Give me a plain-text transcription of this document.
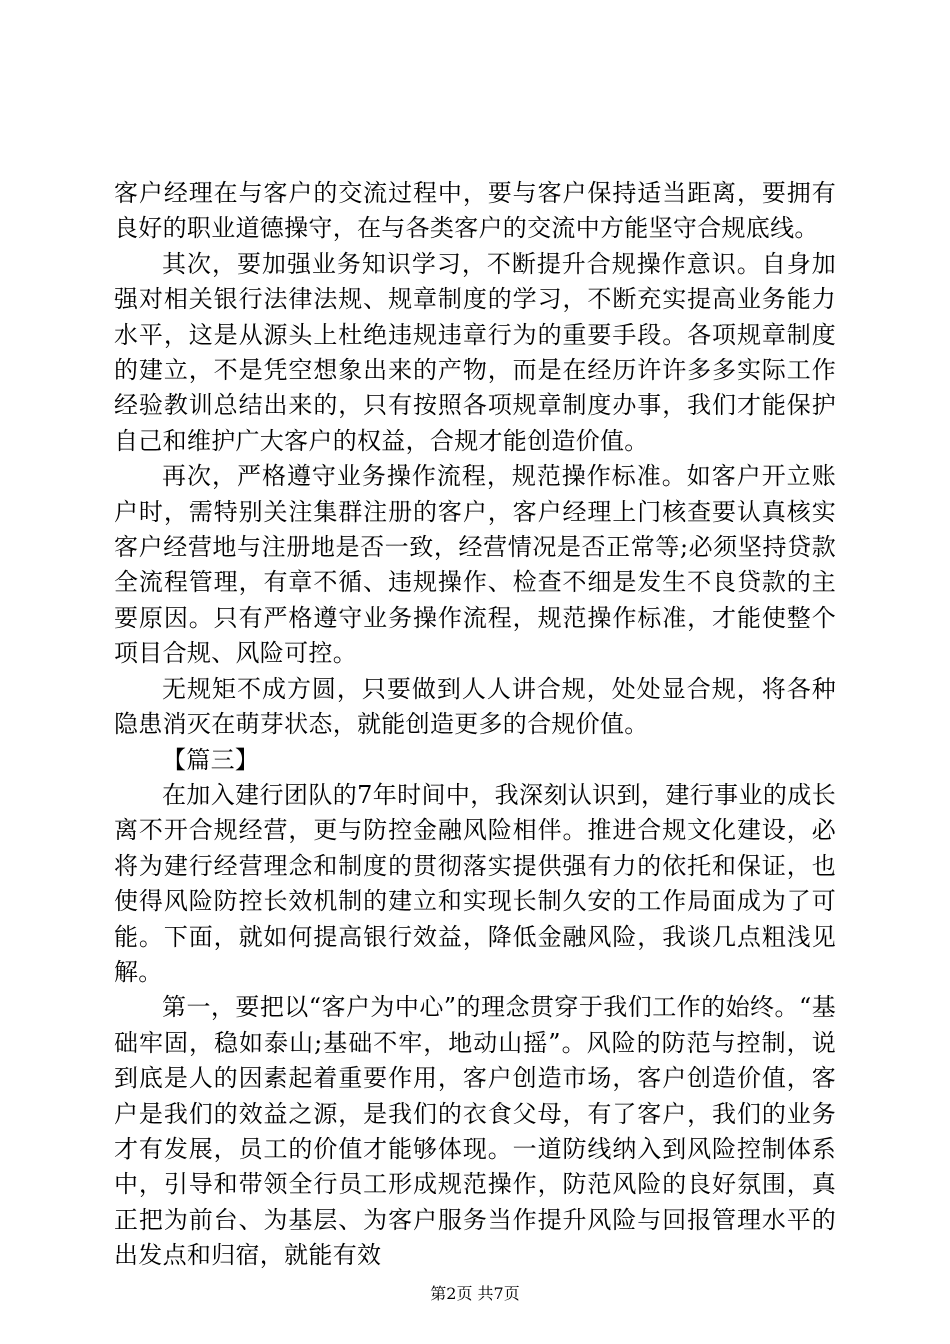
客户经理在与客户的交流过程中，要与客户保持适当距离，要拥有良好的职业道德操守，在与各类客户的交流中方能坚守合规底线。

其次，要加强业务知识学习，不断提升合规操作意识。自身加强对相关银行法律法规、规章制度的学习，不断充实提高业务能力水平，这是从源头上杜绝违规违章行为的重要手段。各项规章制度的建立，不是凭空想象出来的产物，而是在经历许许多多实际工作经验教训总结出来的，只有按照各项规章制度办事，我们才能保护自己和维护广大客户的权益，合规才能创造价值。

再次，严格遵守业务操作流程，规范操作标准。如客户开立账户时，需特别关注集群注册的客户，客户经理上门核查要认真核实客户经营地与注册地是否一致，经营情况是否正常等;必须坚持贷款全流程管理，有章不循、违规操作、检查不细是发生不良贷款的主要原因。只有严格遵守业务操作流程，规范操作标准，才能使整个项目合规、风险可控。

无规矩不成方圆，只要做到人人讲合规，处处显合规，将各种隐患消灭在萌芽状态，就能创造更多的合规价值。

【篇三】

在加入建行团队的7年时间中，我深刻认识到，建行事业的成长离不开合规经营，更与防控金融风险相伴。推进合规文化建设，必将为建行经营理念和制度的贯彻落实提供强有力的依托和保证，也使得风险防控长效机制的建立和实现长制久安的工作局面成为了可能。下面，就如何提高银行效益，降低金融风险，我谈几点粗浅见解。

第一，要把以“客户为中心”的理念贯穿于我们工作的始终。“基础牢固，稳如泰山;基础不牢，地动山摇”。风险的防范与控制，说到底是人的因素起着重要作用，客户创造市场，客户创造价值，客户是我们的效益之源，是我们的衣食父母，有了客户，我们的业务才有发展，员工的价值才能够体现。一道防线纳入到风险控制体系中，引导和带领全行员工形成规范操作，防范风险的良好氛围，真正把为前台、为基层、为客户服务当作提升风险与回报管理水平的出发点和归宿，就能有效

第2页 共7页
